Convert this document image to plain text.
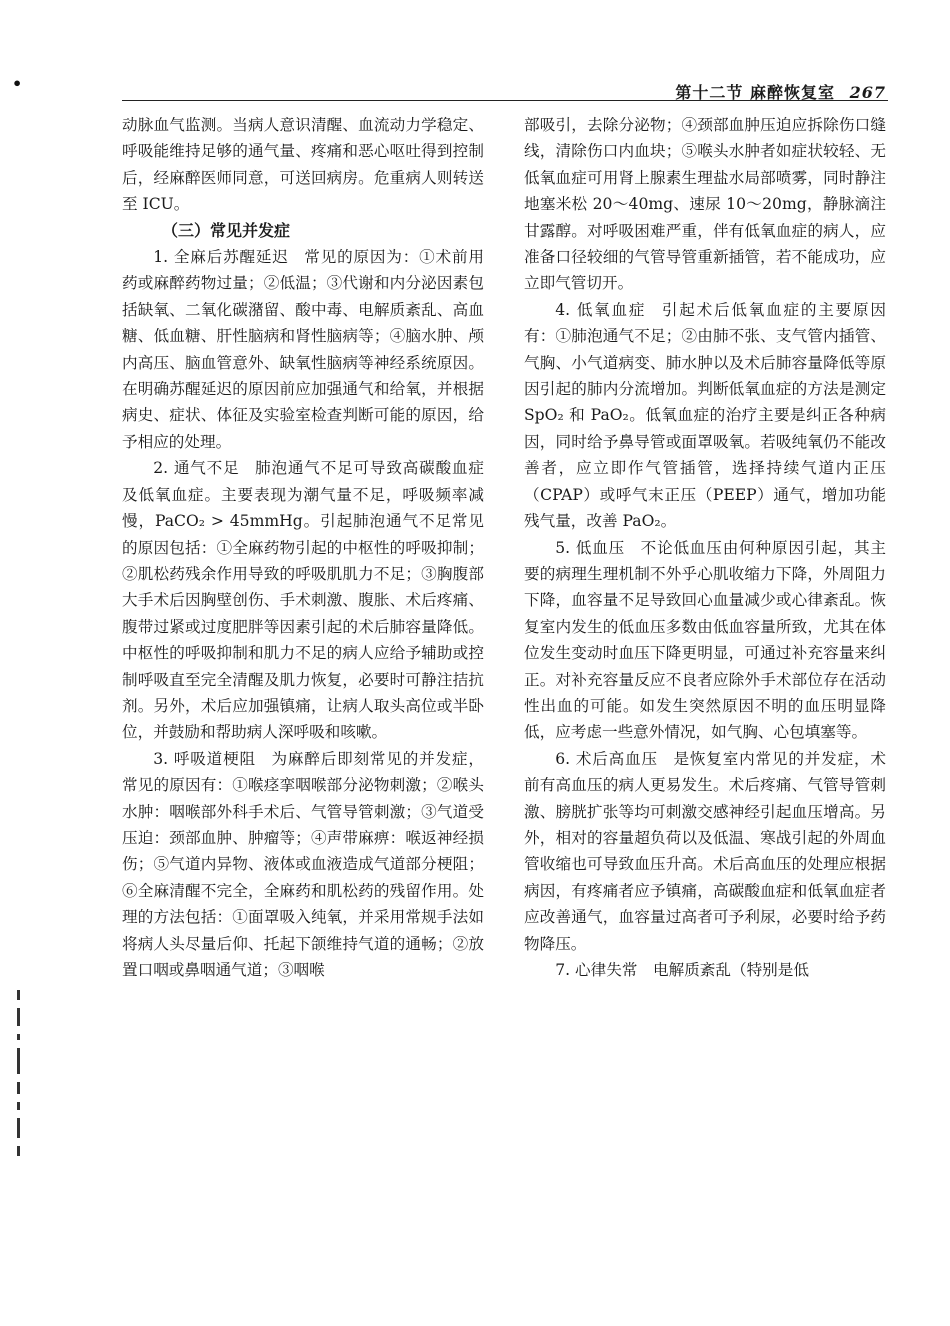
•	第十二节 麻醉恢复室 267

动脉血气监测。当病人意识清醒、血流动力学稳定、呼吸能维持足够的通气量、疼痛和恶心呕吐得到控制后，经麻醉医师同意，可送回病房。危重病人则转送至 ICU。

（三）常见并发症

1. 全麻后苏醒延迟 常见的原因为：①术前用药或麻醉药物过量；②低温；③代谢和内分泌因素包括缺氧、二氧化碳潴留、酸中毒、电解质紊乱、高血糖、低血糖、肝性脑病和肾性脑病等；④脑水肿、颅内高压、脑血管意外、缺氧性脑病等神经系统原因。在明确苏醒延迟的原因前应加强通气和给氧，并根据病史、症状、体征及实验室检查判断可能的原因，给予相应的处理。

2. 通气不足 肺泡通气不足可导致高碳酸血症及低氧血症。主要表现为潮气量不足，呼吸频率减慢，PaCO₂ > 45mmHg。引起肺泡通气不足常见的原因包括：①全麻药物引起的中枢性的呼吸抑制；②肌松药残余作用导致的呼吸肌肌力不足；③胸腹部大手术后因胸壁创伤、手术刺激、腹胀、术后疼痛、腹带过紧或过度肥胖等因素引起的术后肺容量降低。中枢性的呼吸抑制和肌力不足的病人应给予辅助或控制呼吸直至完全清醒及肌力恢复，必要时可静注拮抗剂。另外，术后应加强镇痛，让病人取头高位或半卧位，并鼓励和帮助病人深呼吸和咳嗽。

3. 呼吸道梗阻 为麻醉后即刻常见的并发症，常见的原因有：①喉痉挛咽喉部分泌物刺激；②喉头水肿：咽喉部外科手术后、气管导管刺激；③气道受压迫：颈部血肿、肿瘤等；④声带麻痹：喉返神经损伤；⑤气道内异物、液体或血液造成气道部分梗阻；⑥全麻清醒不完全，全麻药和肌松药的残留作用。处理的方法包括：①面罩吸入纯氧，并采用常规手法如将病人头尽量后仰、托起下颌维持气道的通畅；②放置口咽或鼻咽通气道；③咽喉

部吸引，去除分泌物；④颈部血肿压迫应拆除伤口缝线，清除伤口内血块；⑤喉头水肿者如症状较轻、无低氧血症可用肾上腺素生理盐水局部喷雾，同时静注地塞米松 20～40mg、速尿 10～20mg，静脉滴注甘露醇。对呼吸困难严重，伴有低氧血症的病人，应准备口径较细的气管导管重新插管，若不能成功，应立即气管切开。

4. 低氧血症 引起术后低氧血症的主要原因有：①肺泡通气不足；②由肺不张、支气管内插管、气胸、小气道病变、肺水肿以及术后肺容量降低等原因引起的肺内分流增加。判断低氧血症的方法是测定 SpO₂ 和 PaO₂。低氧血症的治疗主要是纠正各种病因，同时给予鼻导管或面罩吸氧。若吸纯氧仍不能改善者，应立即作气管插管，选择持续气道内正压（CPAP）或呼气末正压（PEEP）通气，增加功能残气量，改善 PaO₂。

5. 低血压 不论低血压由何种原因引起，其主要的病理生理机制不外乎心肌收缩力下降，外周阻力下降，血容量不足导致回心血量减少或心律紊乱。恢复室内发生的低血压多数由低血容量所致，尤其在体位发生变动时血压下降更明显，可通过补充容量来纠正。对补充容量反应不良者应除外手术部位存在活动性出血的可能。如发生突然原因不明的血压明显降低，应考虑一些意外情况，如气胸、心包填塞等。

6. 术后高血压 是恢复室内常见的并发症，术前有高血压的病人更易发生。术后疼痛、气管导管刺激、膀胱扩张等均可刺激交感神经引起血压增高。另外，相对的容量超负荷以及低温、寒战引起的外周血管收缩也可导致血压升高。术后高血压的处理应根据病因，有疼痛者应予镇痛，高碳酸血症和低氧血症者应改善通气，血容量过高者可予利尿，必要时给予药物降压。

7. 心律失常 电解质紊乱（特别是低
